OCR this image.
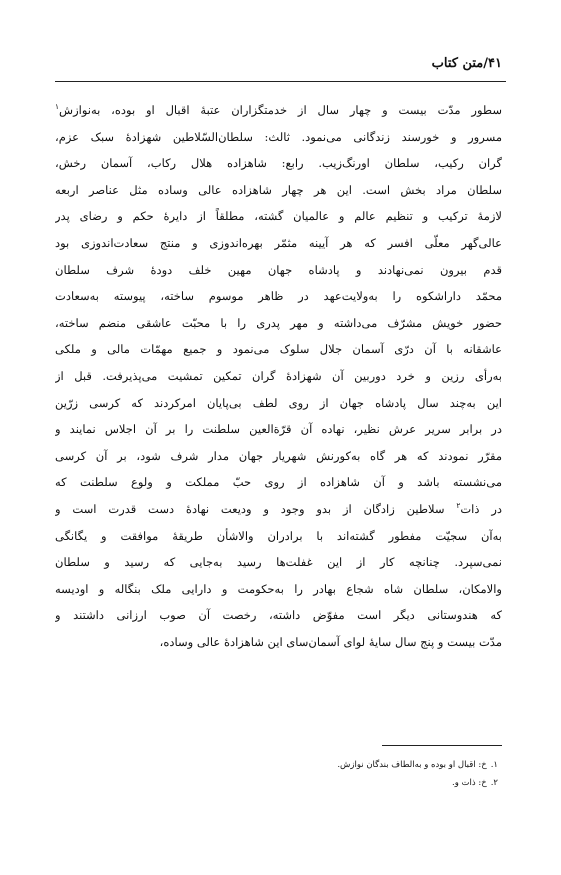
۴۱/متن کتاب
سطور مدّت بیست و چهار سال از خدمتگزاران عتبهٔ اقبال او بوده، به‌نوازش$^۱$
مسرور و خورسند زندگانی می‌نمود. ثالث: سلطان‌السّلاطین شهزادهٔ سبک عزم،
گران رکیب، سلطان اورنگ‌زیب. رابع: شاهزاده هلال رکاب، آسمان رخش،
سلطان مراد بخش است. این هر چهار شاهزاده عالی وساده مثل عناصر اربعه
لازمهٔ ترکیب و تنظیم عالم و عالمیان گشته، مطلقاً از دایرهٔ حکم و رضای پدر
عالی‌گهر معلّی افسر که هر آیینه مثمّر بهره‌اندوزی و منتج سعادت‌اندوزی بود
قدم بیرون نمی‌نهادند و پادشاه جهان مهین خلف دودهٔ شرف سلطان
محمّد داراشکوه را به‌ولایت‌عهد در ظاهر موسوم ساخته، پیوسته به‌سعادت
حضور خویش مشرّف می‌داشته و مهر پدری را با محبّت عاشقی منضم ساخته،
عاشقانه با آن درّی آسمان جلال سلوک می‌نمود و جمیع مهمّات مالی و ملکی
به‌رأی رزین و خرد دوربین آن شهزادهٔ گران تمکین تمشیت می‌پذیرفت. قبل از
این به‌چند سال پادشاه جهان از روی لطف بی‌پایان امرکردند که کرسی زرّین
در برابر سریر عرش نظیر، نهاده آن قرّةالعین سلطنت را بر آن اجلاس نمایند و
مقرّر نمودند که هر گاه به‌کورنش شهریار جهان مدار شرف شود، بر آن کرسی
می‌نشسته باشد و آن شاهزاده از روی حبّ مملکت و ولوع سلطنت که
در ذات$^۲$ سلاطین زادگان از بدو وجود و ودیعت نهادهٔ دست قدرت است و
به‌آن سجیّت مفطور گشته‌اند با برادران والاشأن طریقهٔ موافقت و یگانگی
نمی‌سپرد. چنانچه کار از این غفلت‌ها رسید به‌جایی که رسید و سلطان
والامکان، سلطان شاه شجاع بهادر را به‌حکومت و دارایی ملک بنگاله و اودیسه
که هندوستانی دیگر است مفوّض داشته، رخصت آن صوب ارزانی داشتند و
مدّت بیست و پنج سال سایهٔ لوای آسمان‌سای این شاهزادهٔ عالی وساده،
۱.خ: اقبال او بوده و به‌الطاف بندگان نوازش.
۲.خ: ذات و.
